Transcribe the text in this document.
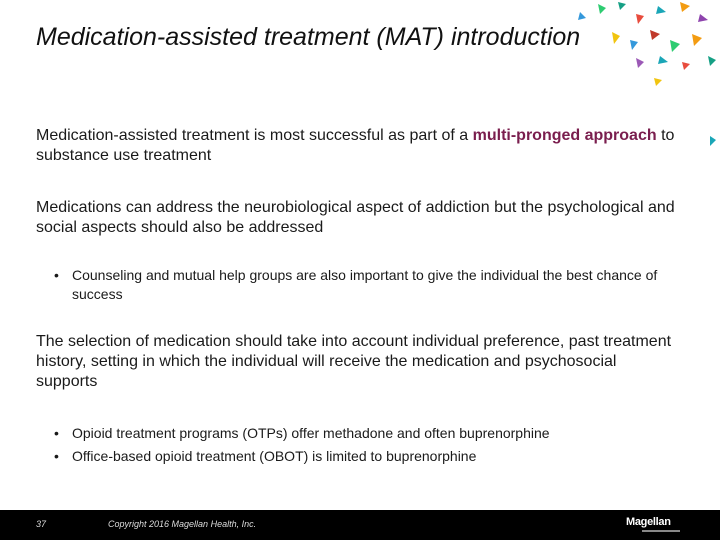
Medication-assisted treatment (MAT) introduction
Medication-assisted treatment is most successful as part of a multi-pronged approach to substance use treatment
Medications can address the neurobiological aspect of addiction but the psychological and social aspects should also be addressed
• Counseling and mutual help groups are also important to give the individual the best chance of success
The selection of medication should take into account individual preference, past treatment history, setting in which the individual will receive the medication and psychosocial supports
• Opioid treatment programs (OTPs) offer methadone and often buprenorphine
• Office-based opioid treatment (OBOT) is limited to buprenorphine
37	Copyright 2016 Magellan Health, Inc.	Magellan
